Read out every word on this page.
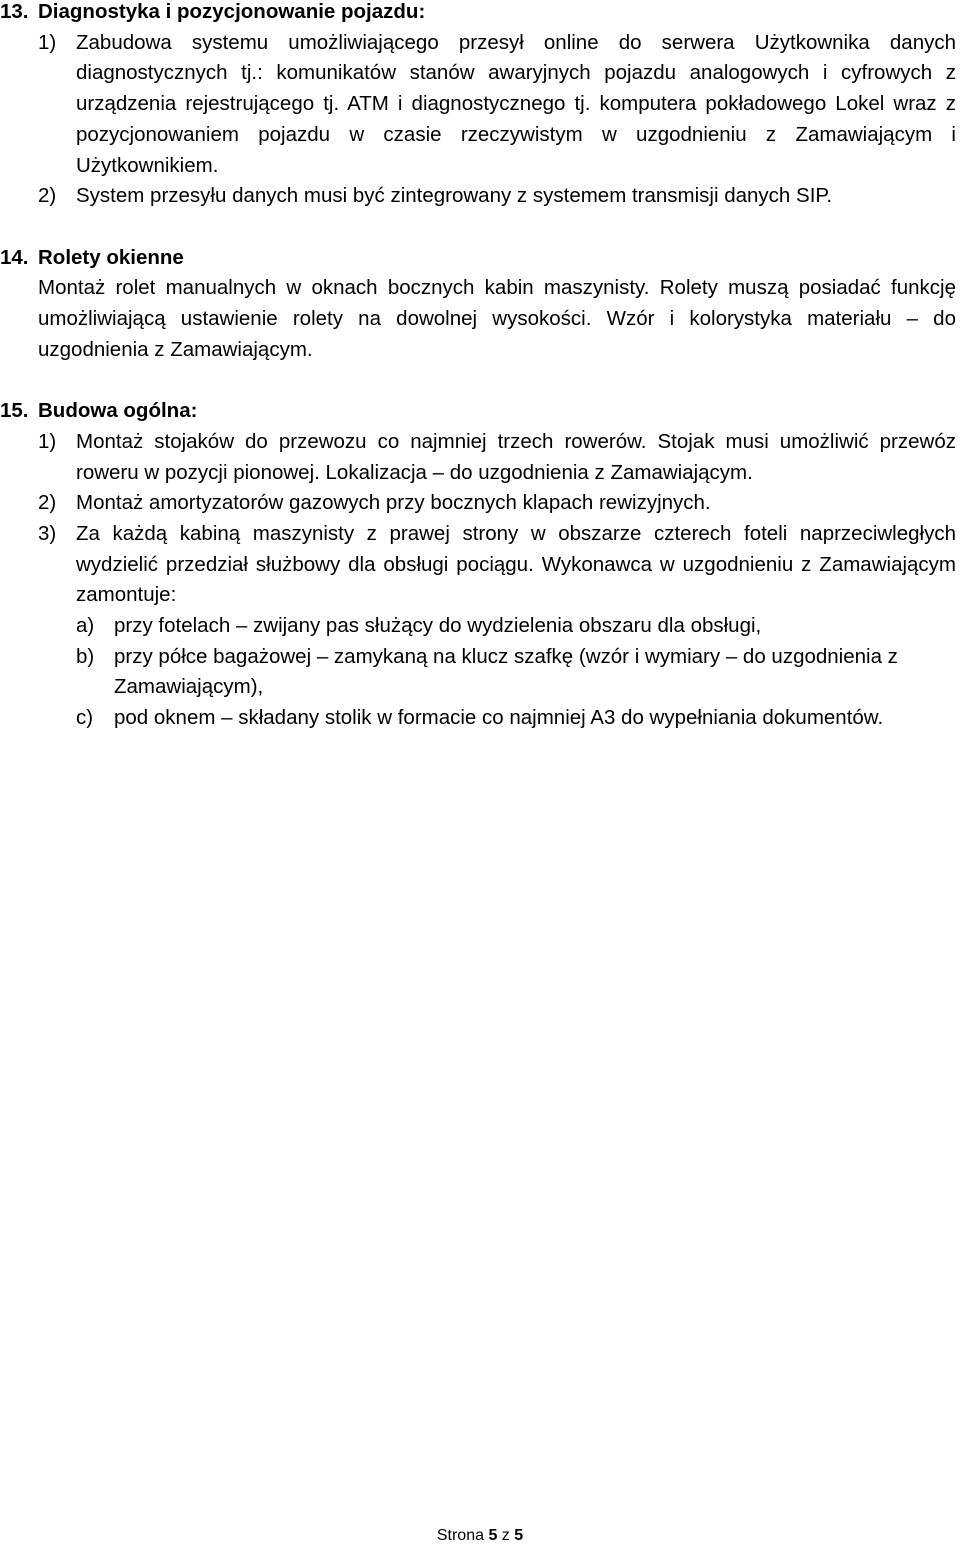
13. Diagnostyka i pozycjonowanie pojazdu:
1) Zabudowa systemu umożliwiającego przesył online do serwera Użytkownika danych diagnostycznych tj.: komunikatów stanów awaryjnych pojazdu analogowych i cyfrowych z urządzenia rejestrującego tj. ATM i diagnostycznego tj. komputera pokładowego Lokel wraz z pozycjonowaniem pojazdu w czasie rzeczywistym w uzgodnieniu z Zamawiającym i Użytkownikiem.
2) System przesyłu danych musi być zintegrowany z systemem transmisji danych SIP.
14. Rolety okienne
Montaż rolet manualnych w oknach bocznych kabin maszynisty. Rolety muszą posiadać funkcję umożliwiającą ustawienie rolety na dowolnej wysokości. Wzór i kolorystyka materiału – do uzgodnienia z Zamawiającym.
15. Budowa ogólna:
1) Montaż stojaków do przewozu co najmniej trzech rowerów. Stojak musi umożliwić przewóz roweru w pozycji pionowej. Lokalizacja – do uzgodnienia z Zamawiającym.
2) Montaż amortyzatorów gazowych przy bocznych klapach rewizyjnych.
3) Za każdą kabiną maszynisty z prawej strony w obszarze czterech foteli naprzeciwległych wydzielić przedział służbowy dla obsługi pociągu. Wykonawca w uzgodnieniu z Zamawiającym zamontuje:
a) przy fotelach – zwijany pas służący do wydzielenia obszaru dla obsługi,
b) przy półce bagażowej – zamykaną na klucz szafkę (wzór i wymiary – do uzgodnienia z Zamawiającym),
c) pod oknem – składany stolik w formacie co najmniej A3 do wypełniania dokumentów.
Strona 5 z 5
